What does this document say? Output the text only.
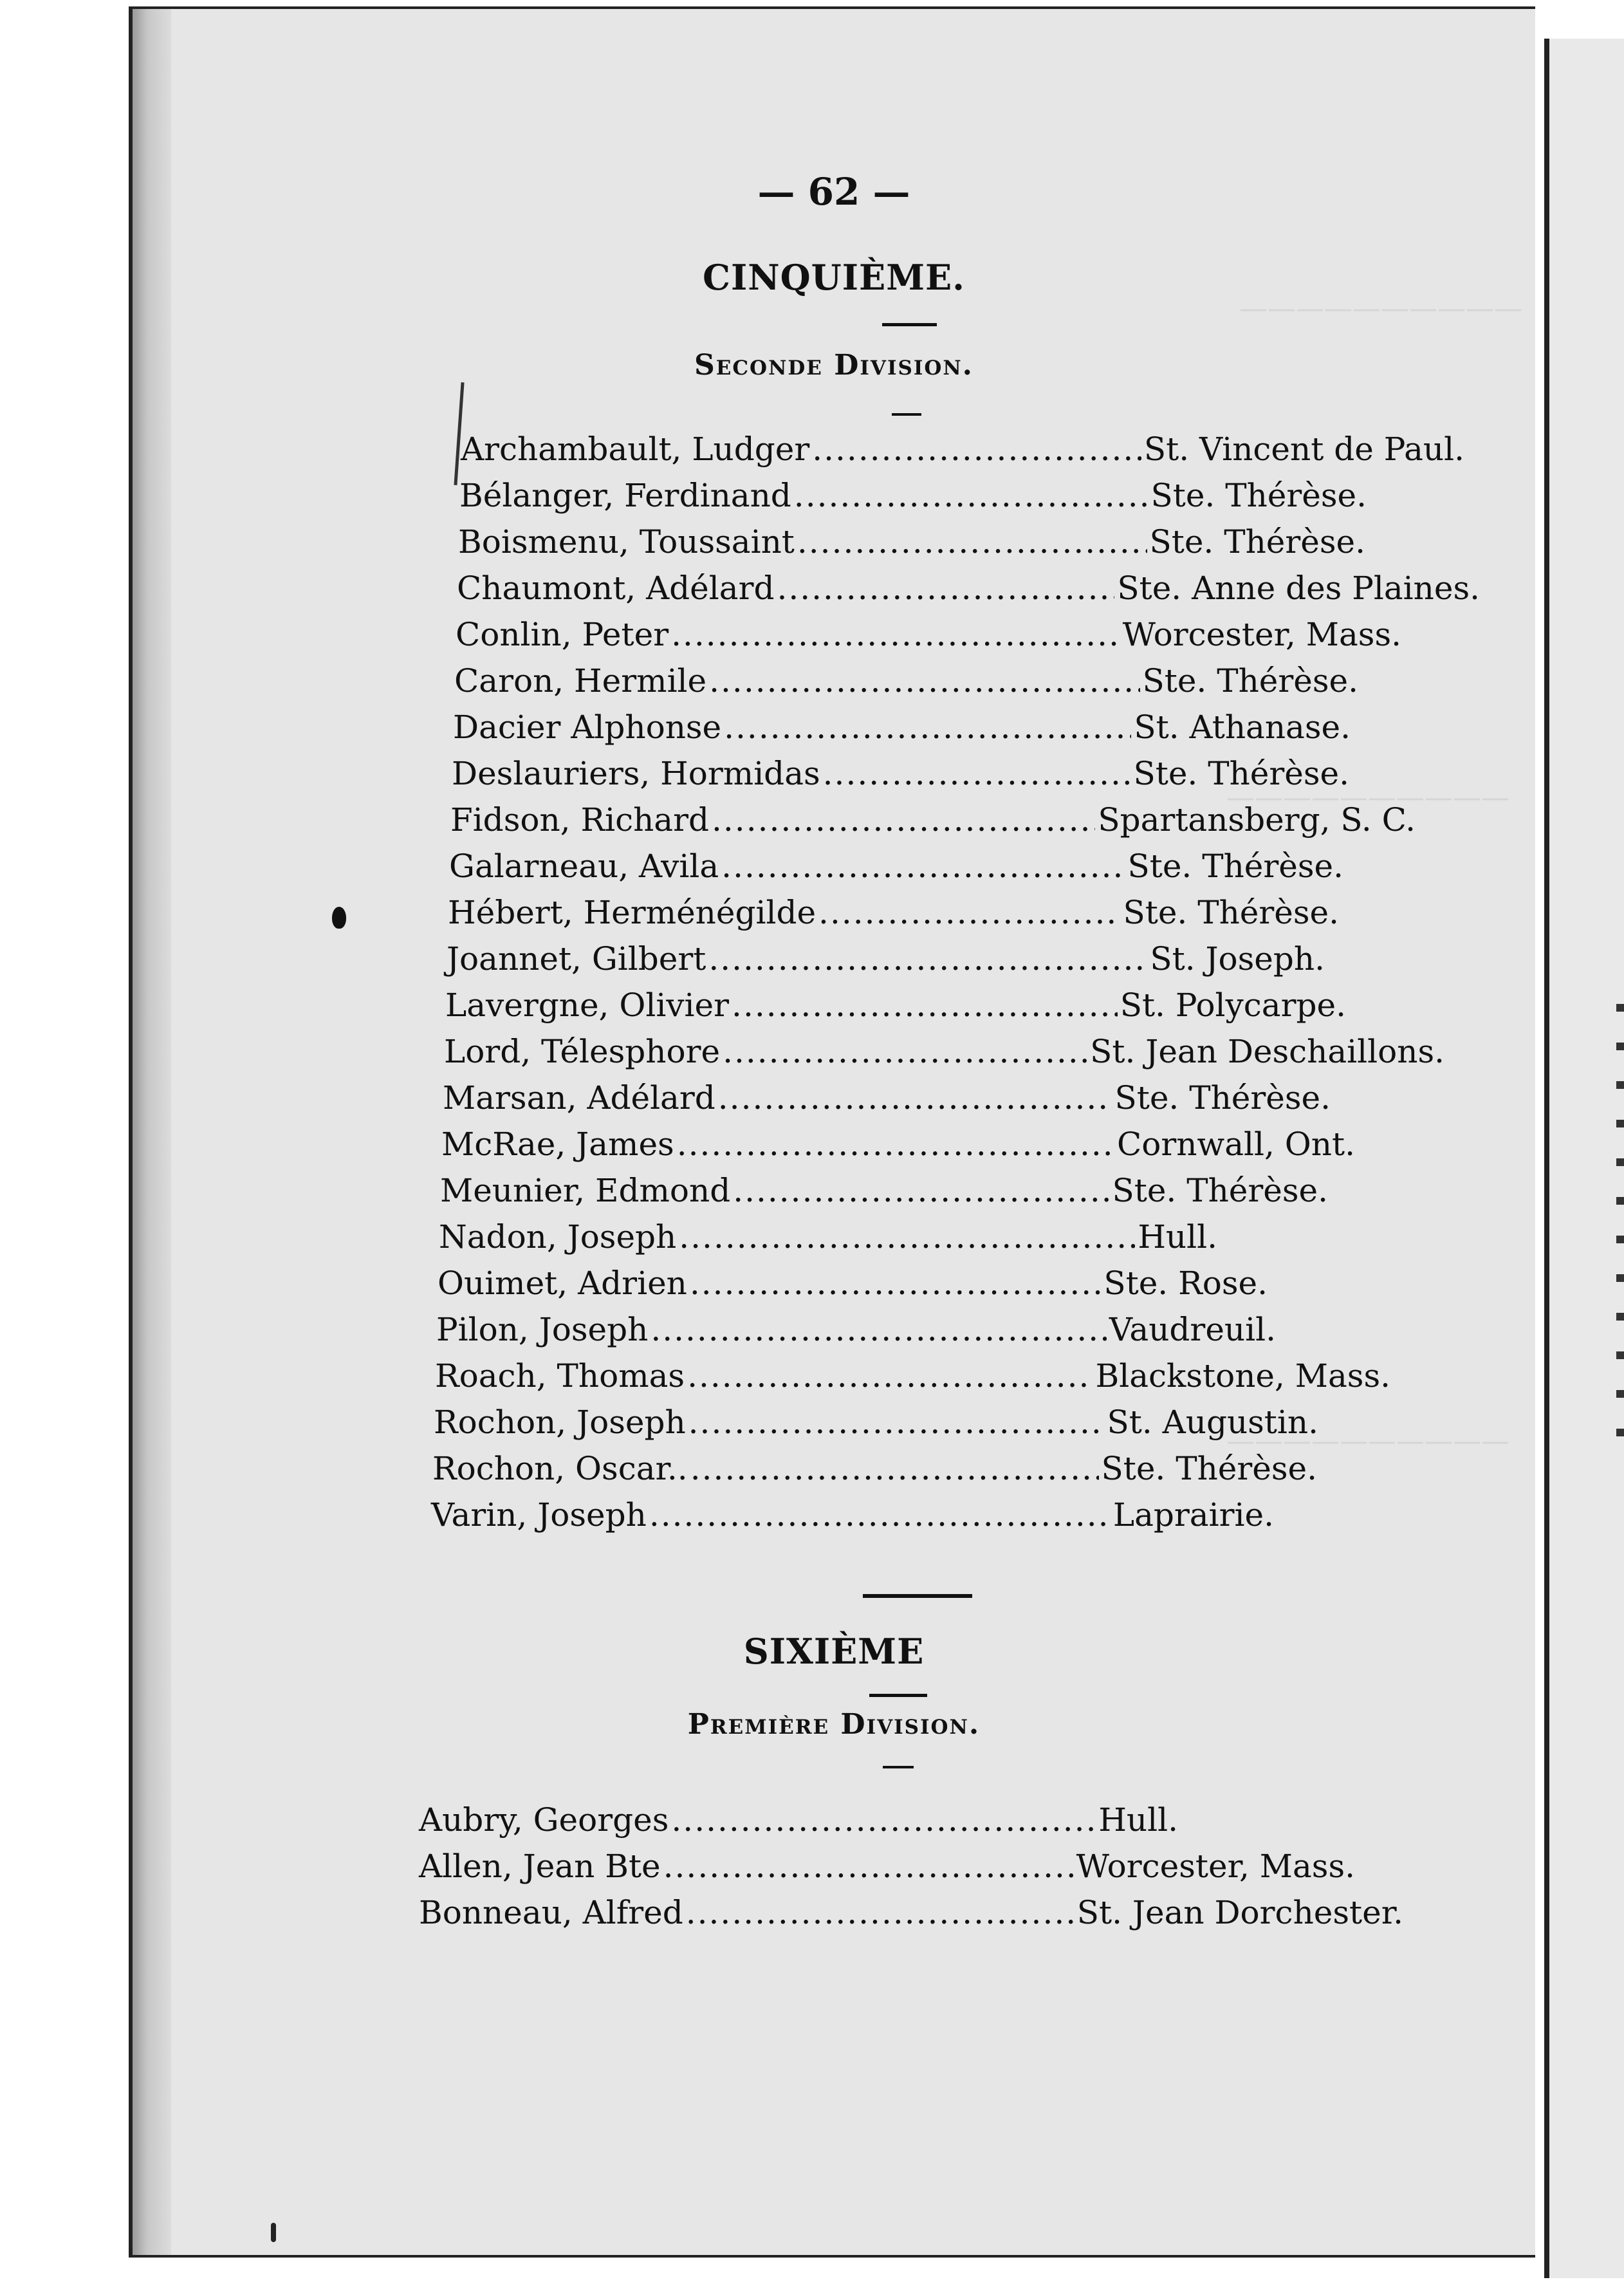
——————————
——————————
——————————
— 62 —
CINQUIÈME.
Seconde Division.
Archambault, Ludger .....	St. Vincent de Paul.
Bélanger, Ferdinand .....	Ste. Thérèse.
Boismenu, Toussaint .....	Ste. Thérèse.
Chaumont, Adélard .....	Ste. Anne des Plaines.
Conlin, Peter .....	Worcester, Mass.
Caron, Hermile .....	Ste. Thérèse.
Dacier Alphonse .....	St. Athanase.
Deslauriers, Hormidas .....	Ste. Thérèse.
Fidson, Richard .....	Spartansberg, S. C.
Galarneau, Avila .....	Ste. Thérèse.
Hébert, Herménégilde .....	Ste. Thérèse.
Joannet, Gilbert .....	St. Joseph.
Lavergne, Olivier .....	St. Polycarpe.
Lord, Télesphore .....	St. Jean Deschaillons.
Marsan, Adélard .....	Ste. Thérèse.
McRae, James .....	Cornwall, Ont.
Meunier, Edmond .....	Ste. Thérèse.
Nadon, Joseph .....	Hull.
Ouimet, Adrien .....	Ste. Rose.
Pilon, Joseph .....	Vaudreuil.
Roach, Thomas .....	Blackstone, Mass.
Rochon, Joseph .....	St. Augustin.
Rochon, Oscar.. .....	Ste. Thérèse.
Varin, Joseph .....	Laprairie.
SIXIÈME
Première Division.
Aubry, Georges .....	Hull.
Allen, Jean Bte .....	Worcester, Mass.
Bonneau, Alfred .....	St. Jean Dorchester.
